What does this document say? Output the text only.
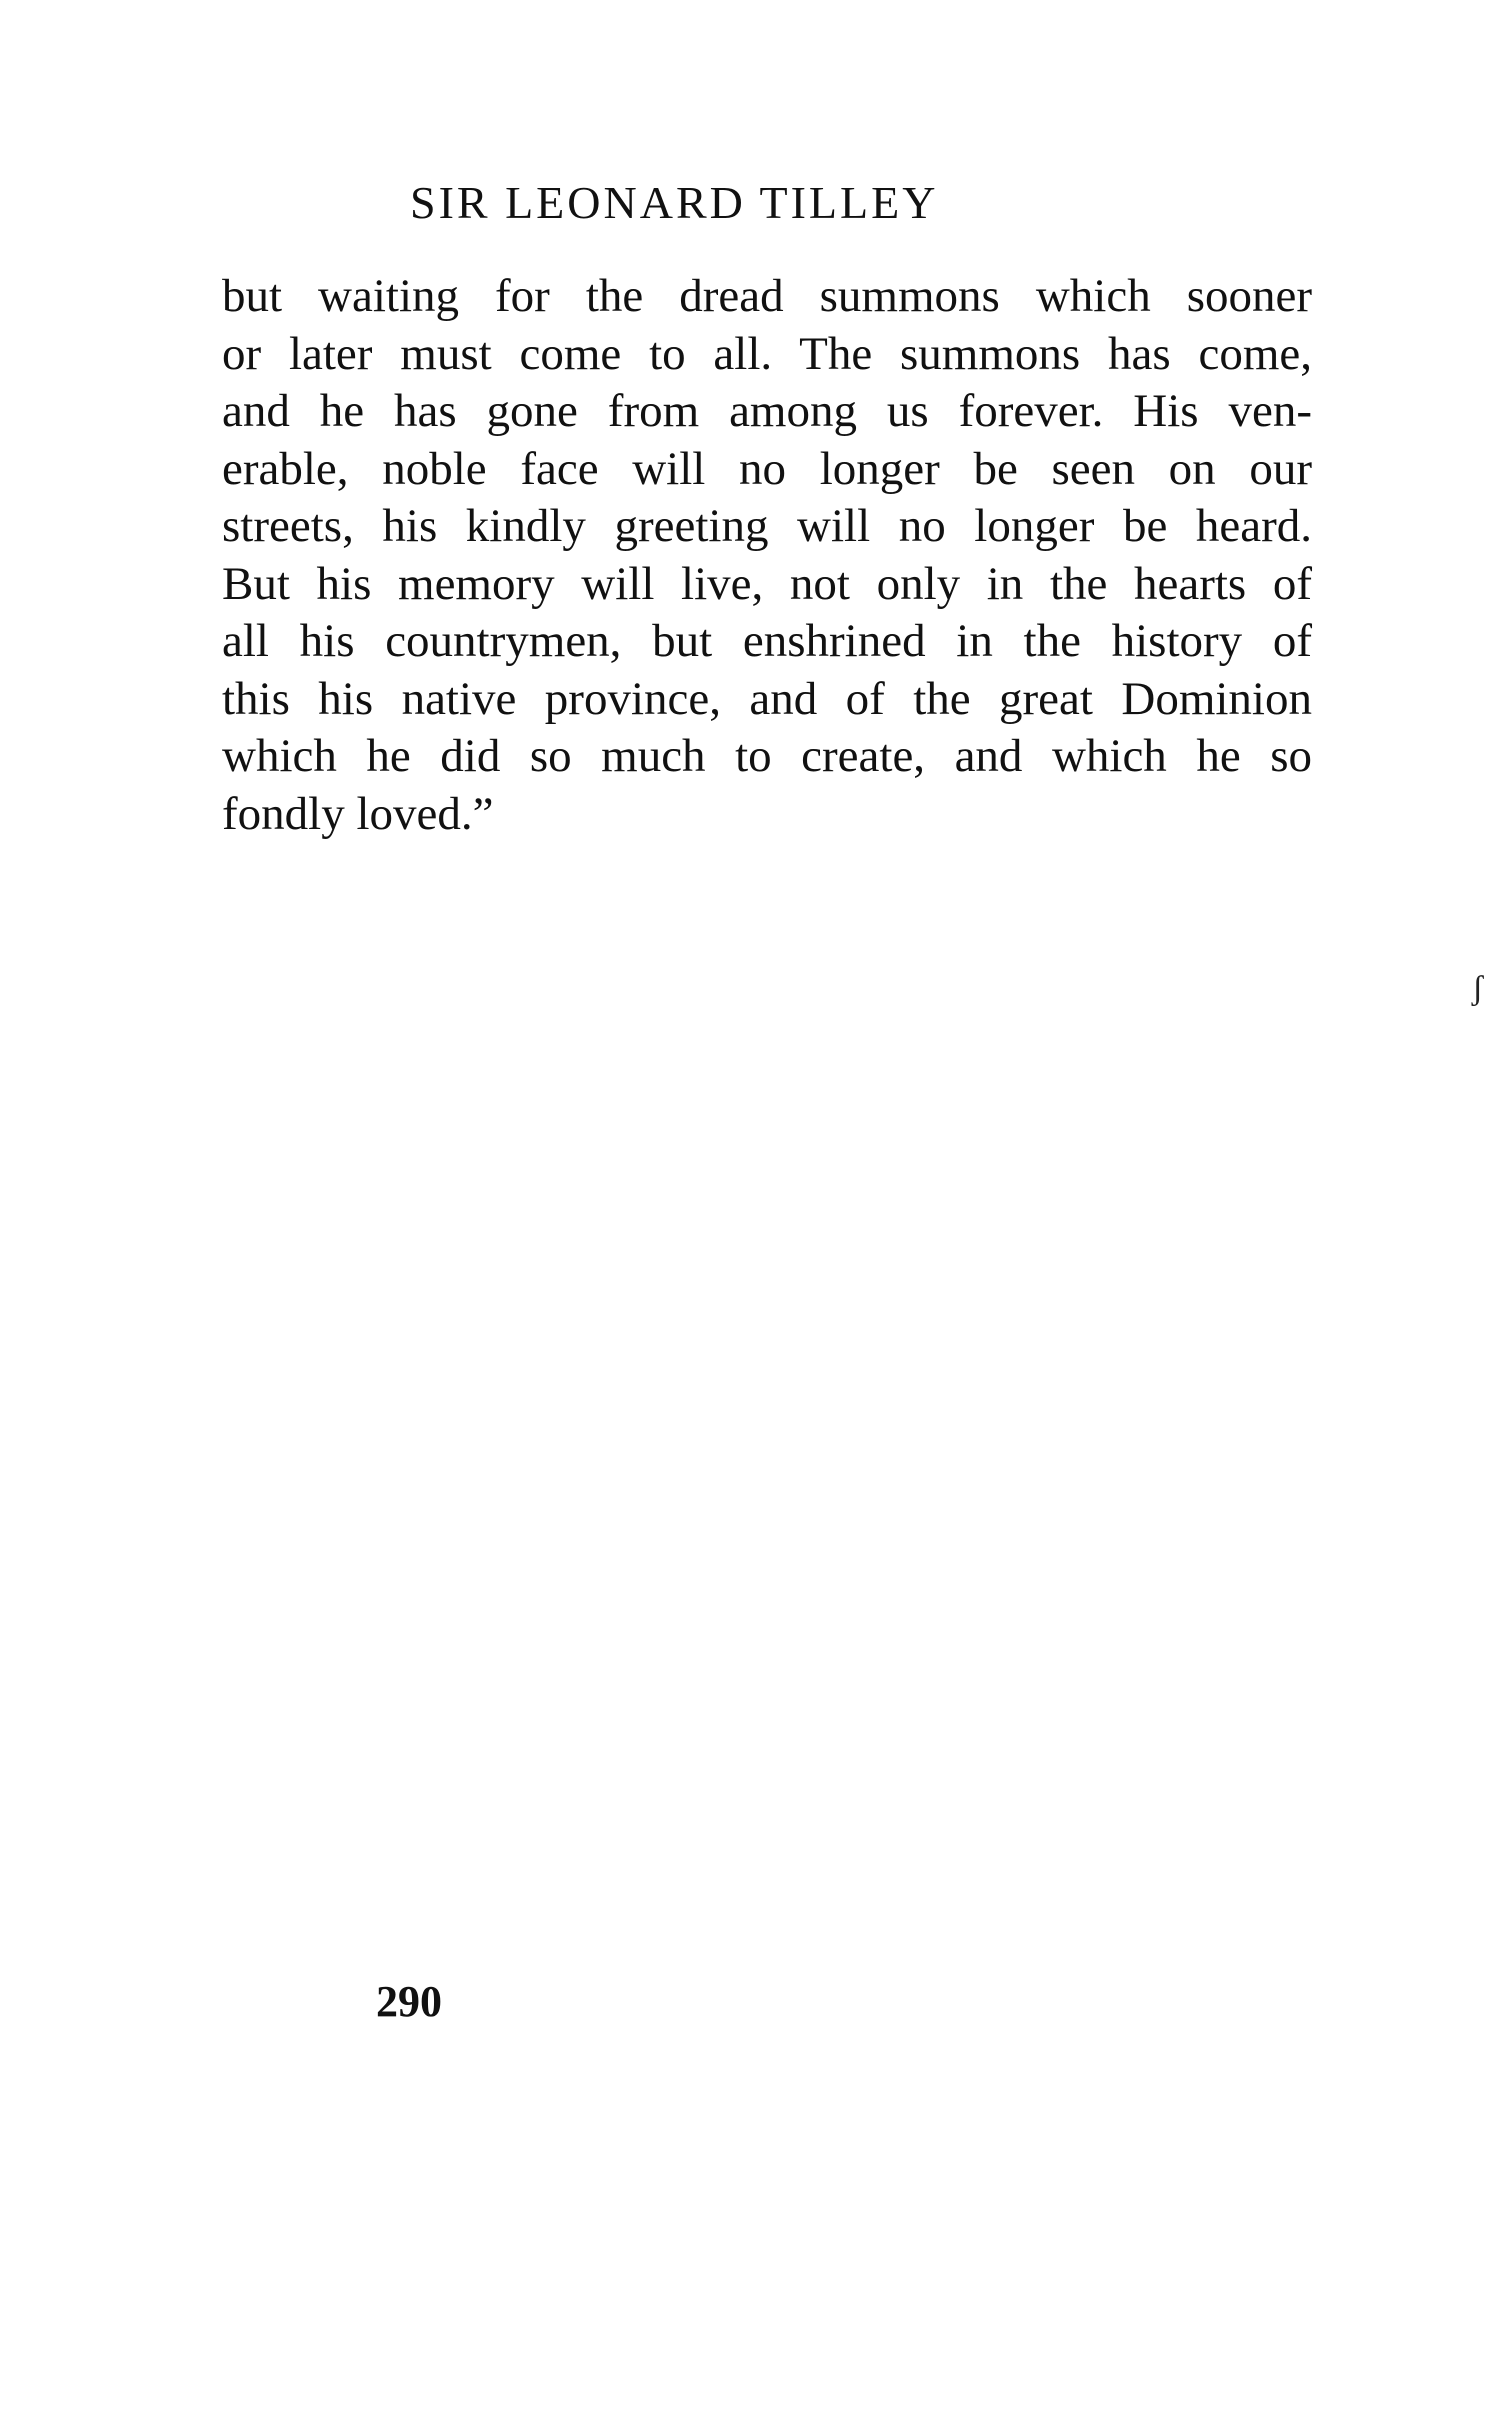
SIR LEONARD TILLEY
but waiting for the dread summons which sooner
or later must come to all. The summons has come,
and he has gone from among us forever. His ven-
erable, noble face will no longer be seen on our
streets, his kindly greeting will no longer be heard.
But his memory will live, not only in the hearts of
all his countrymen, but enshrined in the history of
this his native province, and of the great Dominion
which he did so much to create, and which he so
fondly loved.”
ʃ
290
